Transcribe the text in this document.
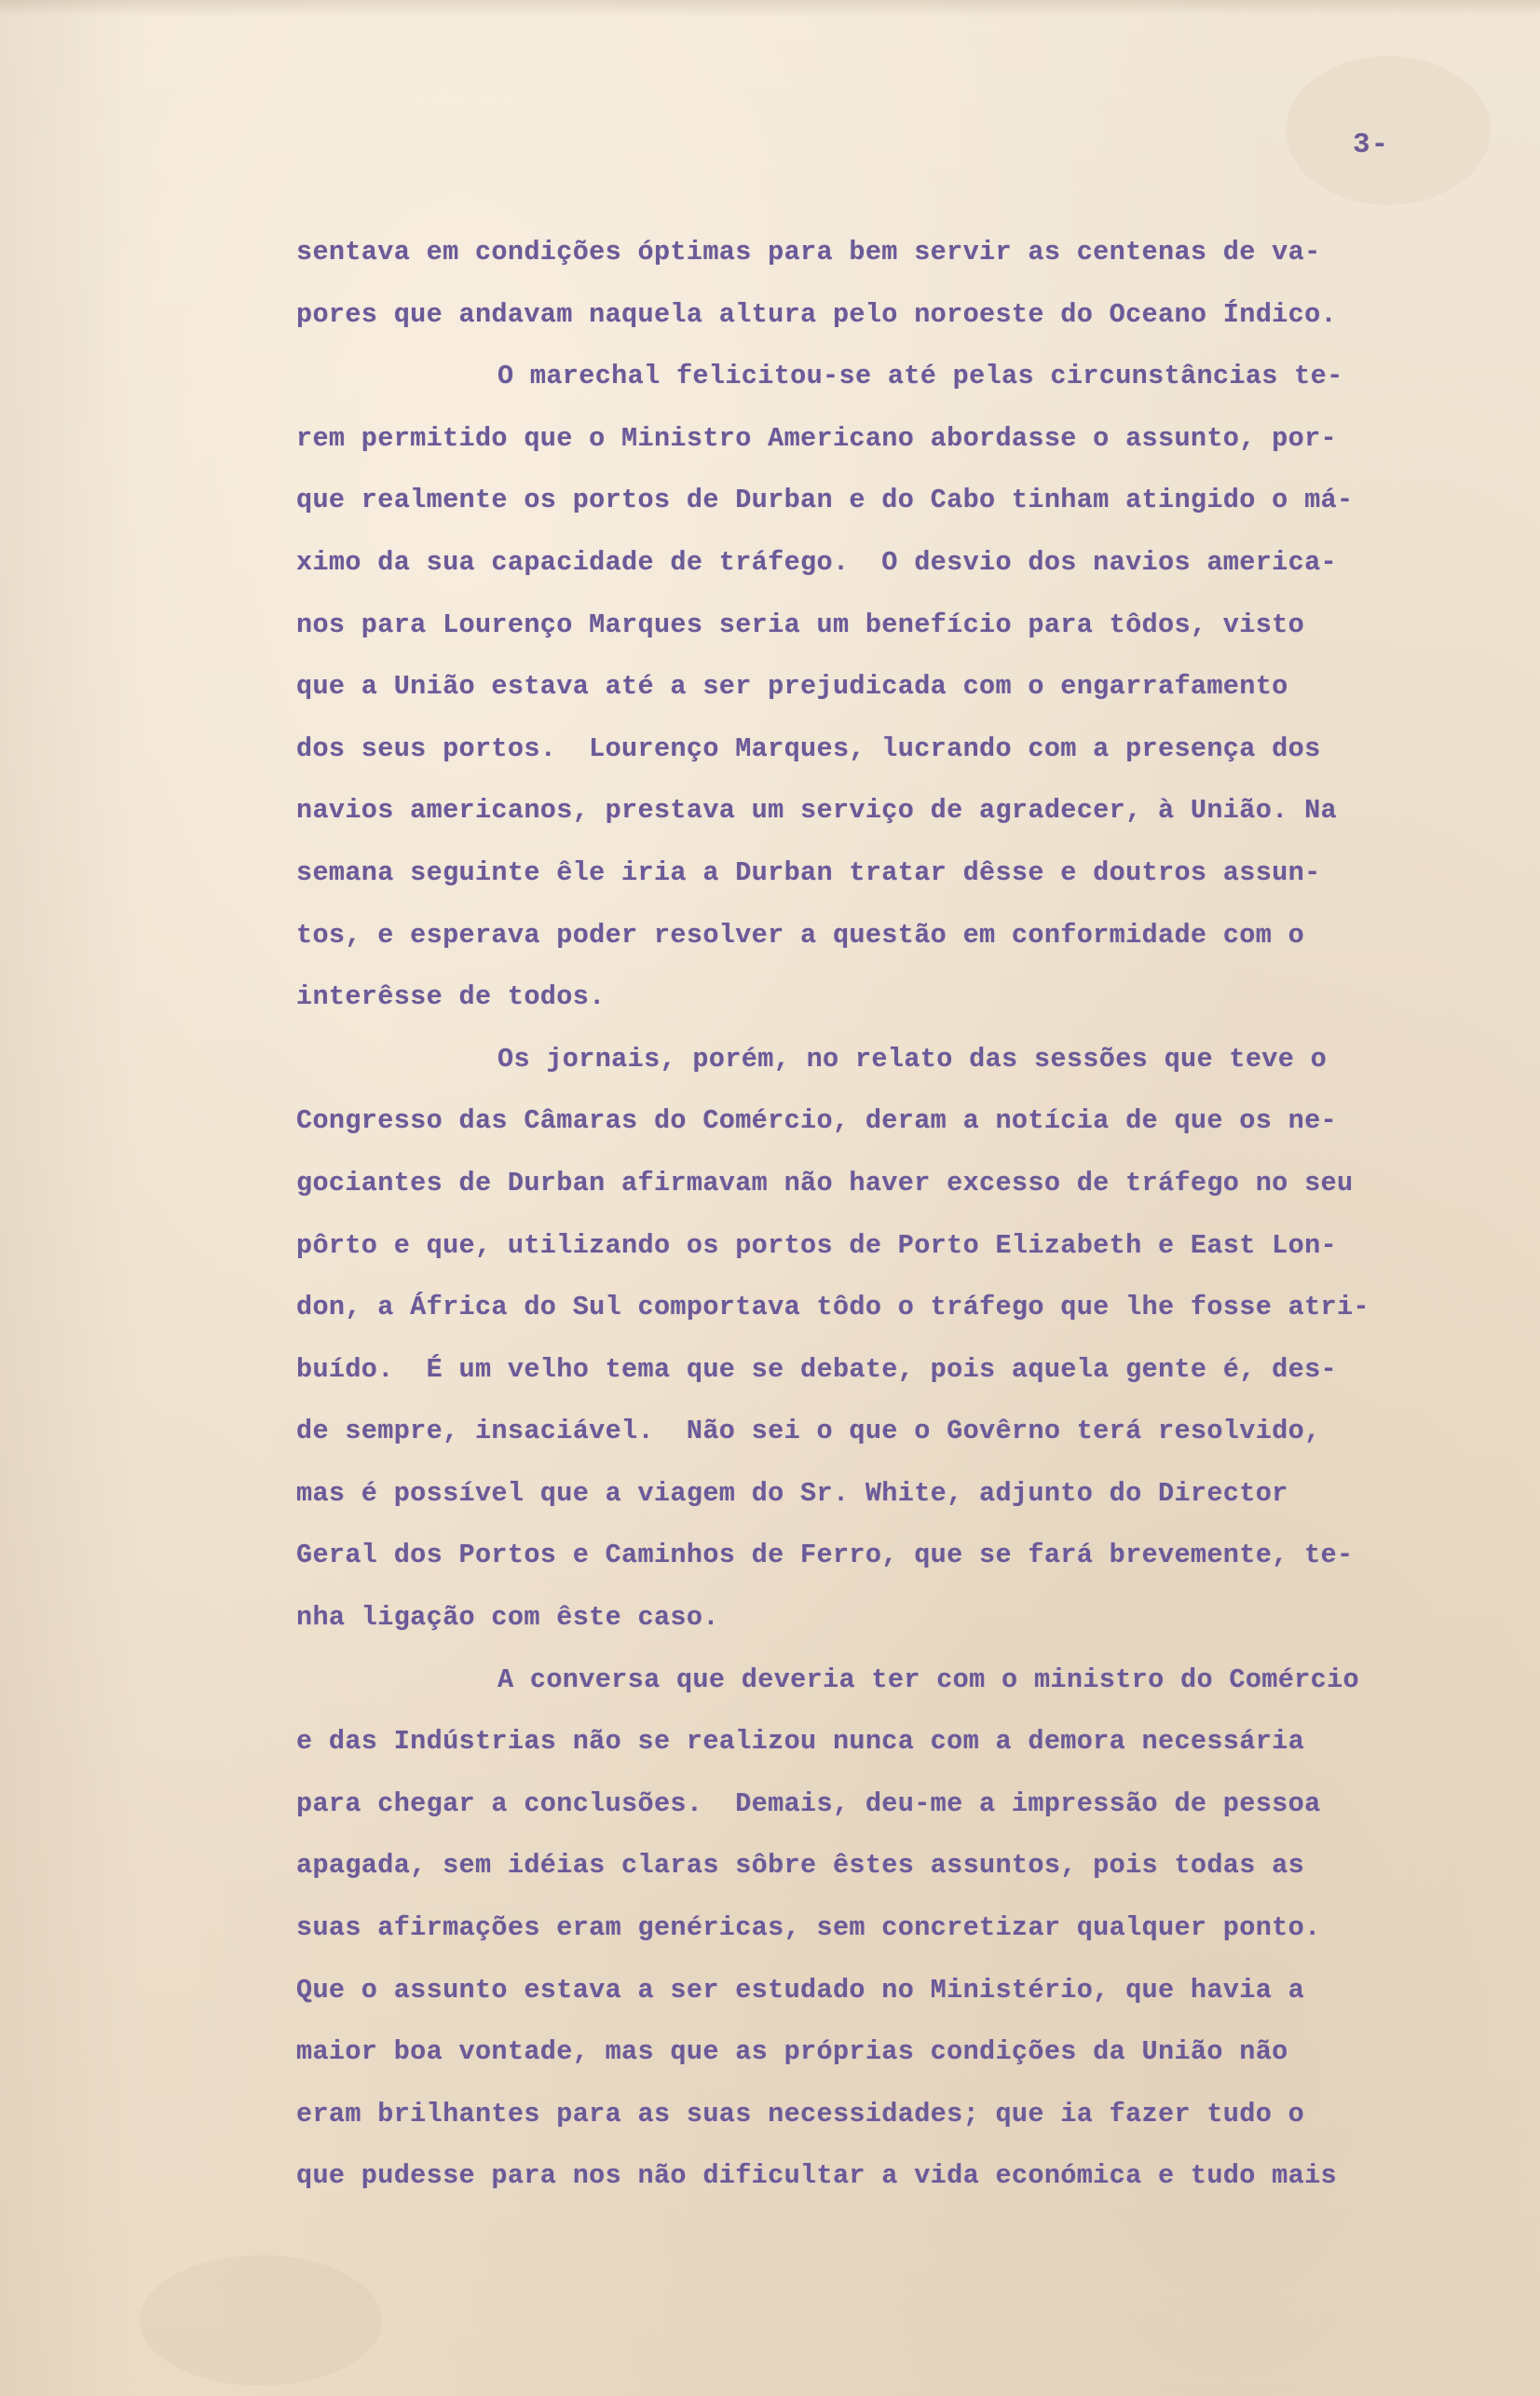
3-
sentava em condições óptimas para bem servir as centenas de va-
pores que andavam naquela altura pelo noroeste do Oceano Índico.
O marechal felicitou-se até pelas circunstâncias te-
rem permitido que o Ministro Americano abordasse o assunto, por-
que realmente os portos de Durban e do Cabo tinham atingido o má-
ximo da sua capacidade de tráfego.  O desvio dos navios america-
nos para Lourenço Marques seria um benefício para tôdos, visto
que a União estava até a ser prejudicada com o engarrafamento
dos seus portos.  Lourenço Marques, lucrando com a presença dos
navios americanos, prestava um serviço de agradecer, à União. Na
semana seguinte êle iria a Durban tratar dêsse e doutros assun-
tos, e esperava poder resolver a questão em conformidade com o
interêsse de todos.
Os jornais, porém, no relato das sessões que teve o
Congresso das Câmaras do Comércio, deram a notícia de que os ne-
gociantes de Durban afirmavam não haver excesso de tráfego no seu
pôrto e que, utilizando os portos de Porto Elizabeth e East Lon-
don, a África do Sul comportava tôdo o tráfego que lhe fosse atri-
buído.  É um velho tema que se debate, pois aquela gente é, des-
de sempre, insaciável.  Não sei o que o Govêrno terá resolvido,
mas é possível que a viagem do Sr. White, adjunto do Director
Geral dos Portos e Caminhos de Ferro, que se fará brevemente, te-
nha ligação com êste caso.
A conversa que deveria ter com o ministro do Comércio
e das Indústrias não se realizou nunca com a demora necessária
para chegar a conclusões.  Demais, deu-me a impressão de pessoa
apagada, sem idéias claras sôbre êstes assuntos, pois todas as
suas afirmações eram genéricas, sem concretizar qualquer ponto.
Que o assunto estava a ser estudado no Ministério, que havia a
maior boa vontade, mas que as próprias condições da União não
eram brilhantes para as suas necessidades; que ia fazer tudo o
que pudesse para nos não dificultar a vida económica e tudo mais
